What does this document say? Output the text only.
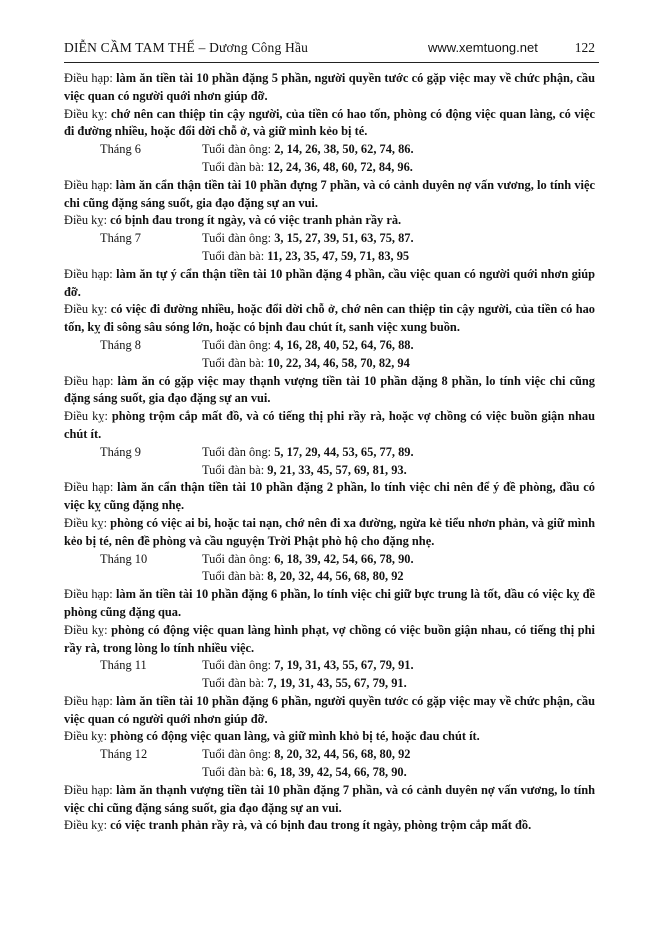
DIỄN CẦM TAM THẾ – Dương Công Hầu	www.xemtuong.net	122

Điều hạp: làm ăn tiền tài 10 phần đặng 5 phần, người quyền tước có gặp việc may về chức phận, cầu việc quan có người quới nhơn giúp đỡ.

Điều kỵ: chớ nên can thiệp tin cậy người, của tiền có hao tốn, phòng có động việc quan làng, có việc đi đường nhiều, hoặc đổi dời chỗ ở, và giữ mình kẻo bị té.

Tháng 6	Tuổi đàn ông: 2, 14, 26, 38, 50, 62, 74, 86.
Tuổi đàn bà: 12, 24, 36, 48, 60, 72, 84, 96.

Điều hạp: làm ăn cẩn thận tiền tài 10 phần đựng 7 phần, và có cảnh duyên nợ vấn vương, lo tính việc chi cũng đặng sáng suốt, gia đạo đặng sự an vui.

Điều kỵ: có bịnh đau trong ít ngày, và có việc tranh phản rầy rà.

Tháng 7	Tuổi đàn ông: 3, 15, 27, 39, 51, 63, 75, 87.
Tuổi đàn bà: 11, 23, 35, 47, 59, 71, 83, 95

Điều hạp: làm ăn tự ý cẩn thận tiền tài 10 phần đặng 4 phần, cầu việc quan có người quới nhơn giúp đỡ.

Điều kỵ: có việc đi đường nhiều, hoặc đổi dời chỗ ở, chớ nên can thiệp tin cậy người, của tiền có hao tốn, kỵ đi sông sâu sóng lớn, hoặc có bịnh đau chút ít, sanh việc xung buồn.

Tháng 8	Tuổi đàn ông: 4, 16, 28, 40, 52, 64, 76, 88.
Tuổi đàn bà: 10, 22, 34, 46, 58, 70, 82, 94

Điều hạp: làm ăn có gặp việc may thạnh vượng tiền tài 10 phần dặng 8 phần, lo tính việc chi cũng đặng sáng suốt, gia đạo đặng sự an vui.

Điều kỵ: phòng trộm cắp mất đồ, và có tiếng thị phi rầy rà, hoặc vợ chồng có việc buồn giận nhau chút ít.

Tháng 9	Tuổi đàn ông: 5, 17, 29, 44, 53, 65, 77, 89.
Tuổi đàn bà: 9, 21, 33, 45, 57, 69, 81, 93.

Điều hạp: làm ăn cẩn thận tiền tài 10 phần đặng 2 phần, lo tính việc chi nên để ý đề phòng, đầu có việc kỵ cũng đặng nhẹ.

Điều kỵ: phòng có việc ai bi, hoặc tai nạn, chớ nên đi xa đường, ngừa kẻ tiểu nhơn phản, và giữ mình kẻo bị té, nên đề phòng và cầu nguyện Trời Phật phò hộ cho đặng nhẹ.

Tháng 10	Tuổi đàn ông: 6, 18, 39, 42, 54, 66, 78, 90.
Tuổi đàn bà: 8, 20, 32, 44, 56, 68, 80, 92

Điều hạp: làm ăn tiền tài 10 phần đặng 6 phần, lo tính việc chi giữ bực trung là tốt, dầu có việc kỵ đề phòng cũng đặng qua.

Điều kỵ: phòng có động việc quan làng hình phạt, vợ chồng có việc buồn giận nhau, có tiếng thị phi rầy rà, trong lòng lo tính nhiều việc.

Tháng 11	Tuổi đàn ông: 7, 19, 31, 43, 55, 67, 79, 91.
Tuổi đàn bà: 7, 19, 31, 43, 55, 67, 79, 91.

Điều hạp: làm ăn tiền tài 10 phần đặng 6 phần, người quyền tước có gặp việc may về chức phận, cầu việc quan có người quới nhơn giúp đỡ.

Điều kỵ: phòng có động việc quan làng, và giữ mình khỏ bị té, hoặc đau chút ít.

Tháng 12	Tuổi đàn ông: 8, 20, 32, 44, 56, 68, 80, 92
Tuổi đàn bà: 6, 18, 39, 42, 54, 66, 78, 90.

Điều hạp: làm ăn thạnh vượng tiền tài 10 phần đặng 7 phần, và có cảnh duyên nợ vấn vương, lo tính việc chi cũng đặng sáng suốt, gia đạo đặng sự an vui.

Điều kỵ: có việc tranh phản rầy rà, và có bịnh đau trong ít ngày, phòng trộm cắp mất đồ.
